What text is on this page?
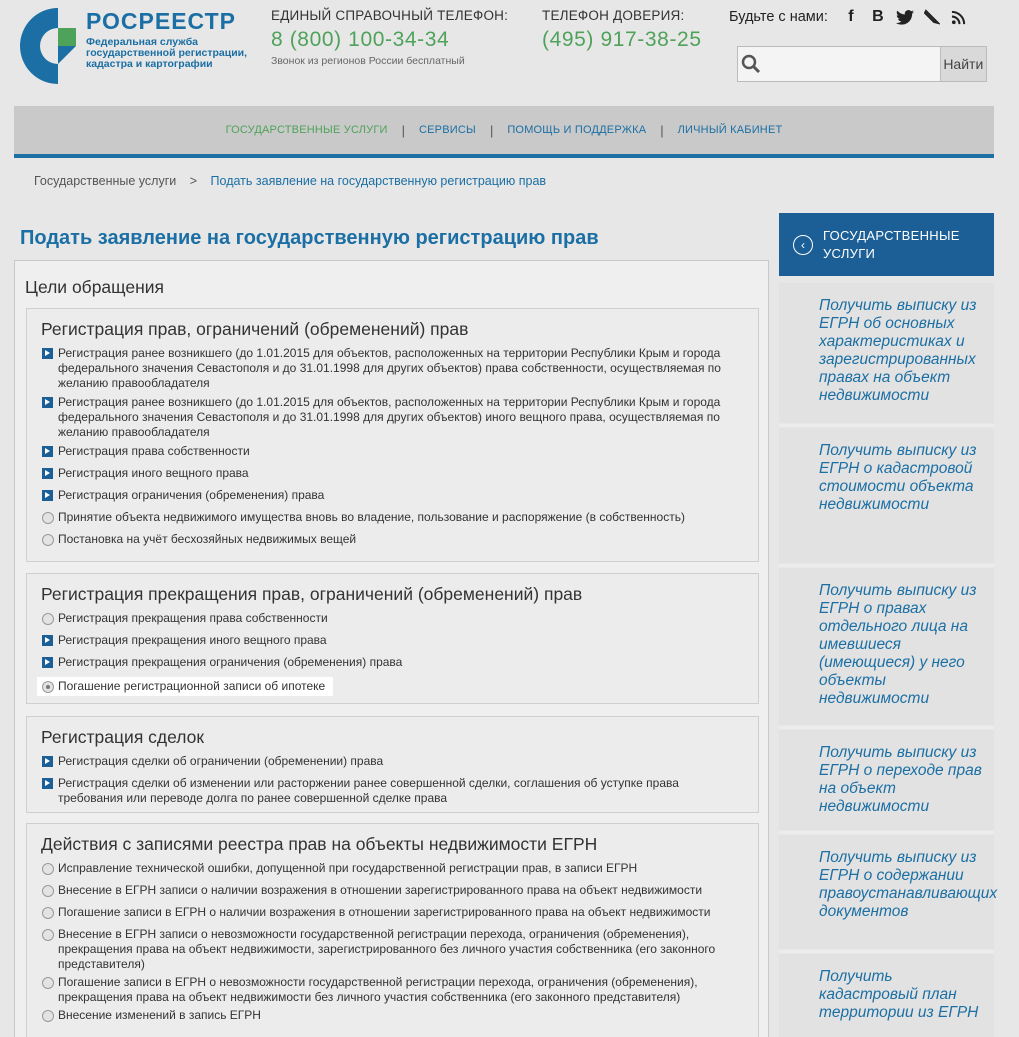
РОСРЕЕСТР
Федеральная служба государственной регистрации, кадастра и картографии
ЕДИНЫЙ СПРАВОЧНЫЙ ТЕЛЕФОН:
8 (800) 100-34-34
Звонок из регионов России бесплатный
ТЕЛЕФОН ДОВЕРИЯ:
(495) 917-38-25
Будьте с нами:	f	B
Найти
ГОСУДАРСТВЕННЫЕ УСЛУГИ	|	СЕРВИСЫ	|	ПОМОЩЬ И ПОДДЕРЖКА	|	ЛИЧНЫЙ КАБИНЕТ
Государственные услуги > Подать заявление на государственную регистрацию прав
Подать заявление на государственную регистрацию прав
Цели обращения
Регистрация прав, ограничений (обременений) прав
Регистрация ранее возникшего (до 1.01.2015 для объектов, расположенных на территории Республики Крым и города федерального значения Севастополя и до 31.01.1998 для других объектов) права собственности, осуществляемая по желанию правообладателя
Регистрация ранее возникшего (до 1.01.2015 для объектов, расположенных на территории Республики Крым и города федерального значения Севастополя и до 31.01.1998 для других объектов) иного вещного права, осуществляемая по желанию правообладателя
Регистрация права собственности
Регистрация иного вещного права
Регистрация ограничения (обременения) права
Принятие объекта недвижимого имущества вновь во владение, пользование и распоряжение (в собственность)
Постановка на учёт бесхозяйных недвижимых вещей
Регистрация прекращения прав, ограничений (обременений) прав
Регистрация прекращения права собственности
Регистрация прекращения иного вещного права
Регистрация прекращения ограничения (обременения) права
Погашение регистрационной записи об ипотеке
Регистрация сделок
Регистрация сделки об ограничении (обременении) права
Регистрация сделки об изменении или расторжении ранее совершенной сделки, соглашения об уступке права требования или переводе долга по ранее совершенной сделке права
Действия с записями реестра прав на объекты недвижимости ЕГРН
Исправление технической ошибки, допущенной при государственной регистрации прав, в записи ЕГРН
Внесение в ЕГРН записи о наличии возражения в отношении зарегистрированного права на объект недвижимости
Погашение записи в ЕГРН о наличии возражения в отношении зарегистрированного права на объект недвижимости
Внесение в ЕГРН записи о невозможности государственной регистрации перехода, ограничения (обременения), прекращения права на объект недвижимости, зарегистрированного без личного участия собственника (его законного представителя)
Погашение записи в ЕГРН о невозможности государственной регистрации перехода, ограничения (обременения), прекращения права на объект недвижимости без личного участия собственника (его законного представителя)
Внесение изменений в запись ЕГРН
‹
ГОСУДАРСТВЕННЫЕ УСЛУГИ
Получить выписку из ЕГРН об основных характеристиках и зарегистрированных правах на объект недвижимости
Получить выписку из ЕГРН о кадастровой стоимости объекта недвижимости
Получить выписку из ЕГРН о правах отдельного лица на имевшиеся (имеющиеся) у него объекты недвижимости
Получить выписку из ЕГРН о переходе прав на объект недвижимости
Получить выписку из ЕГРН о содержании правоустанавливающих документов
Получить кадастровый план территории из ЕГРН
